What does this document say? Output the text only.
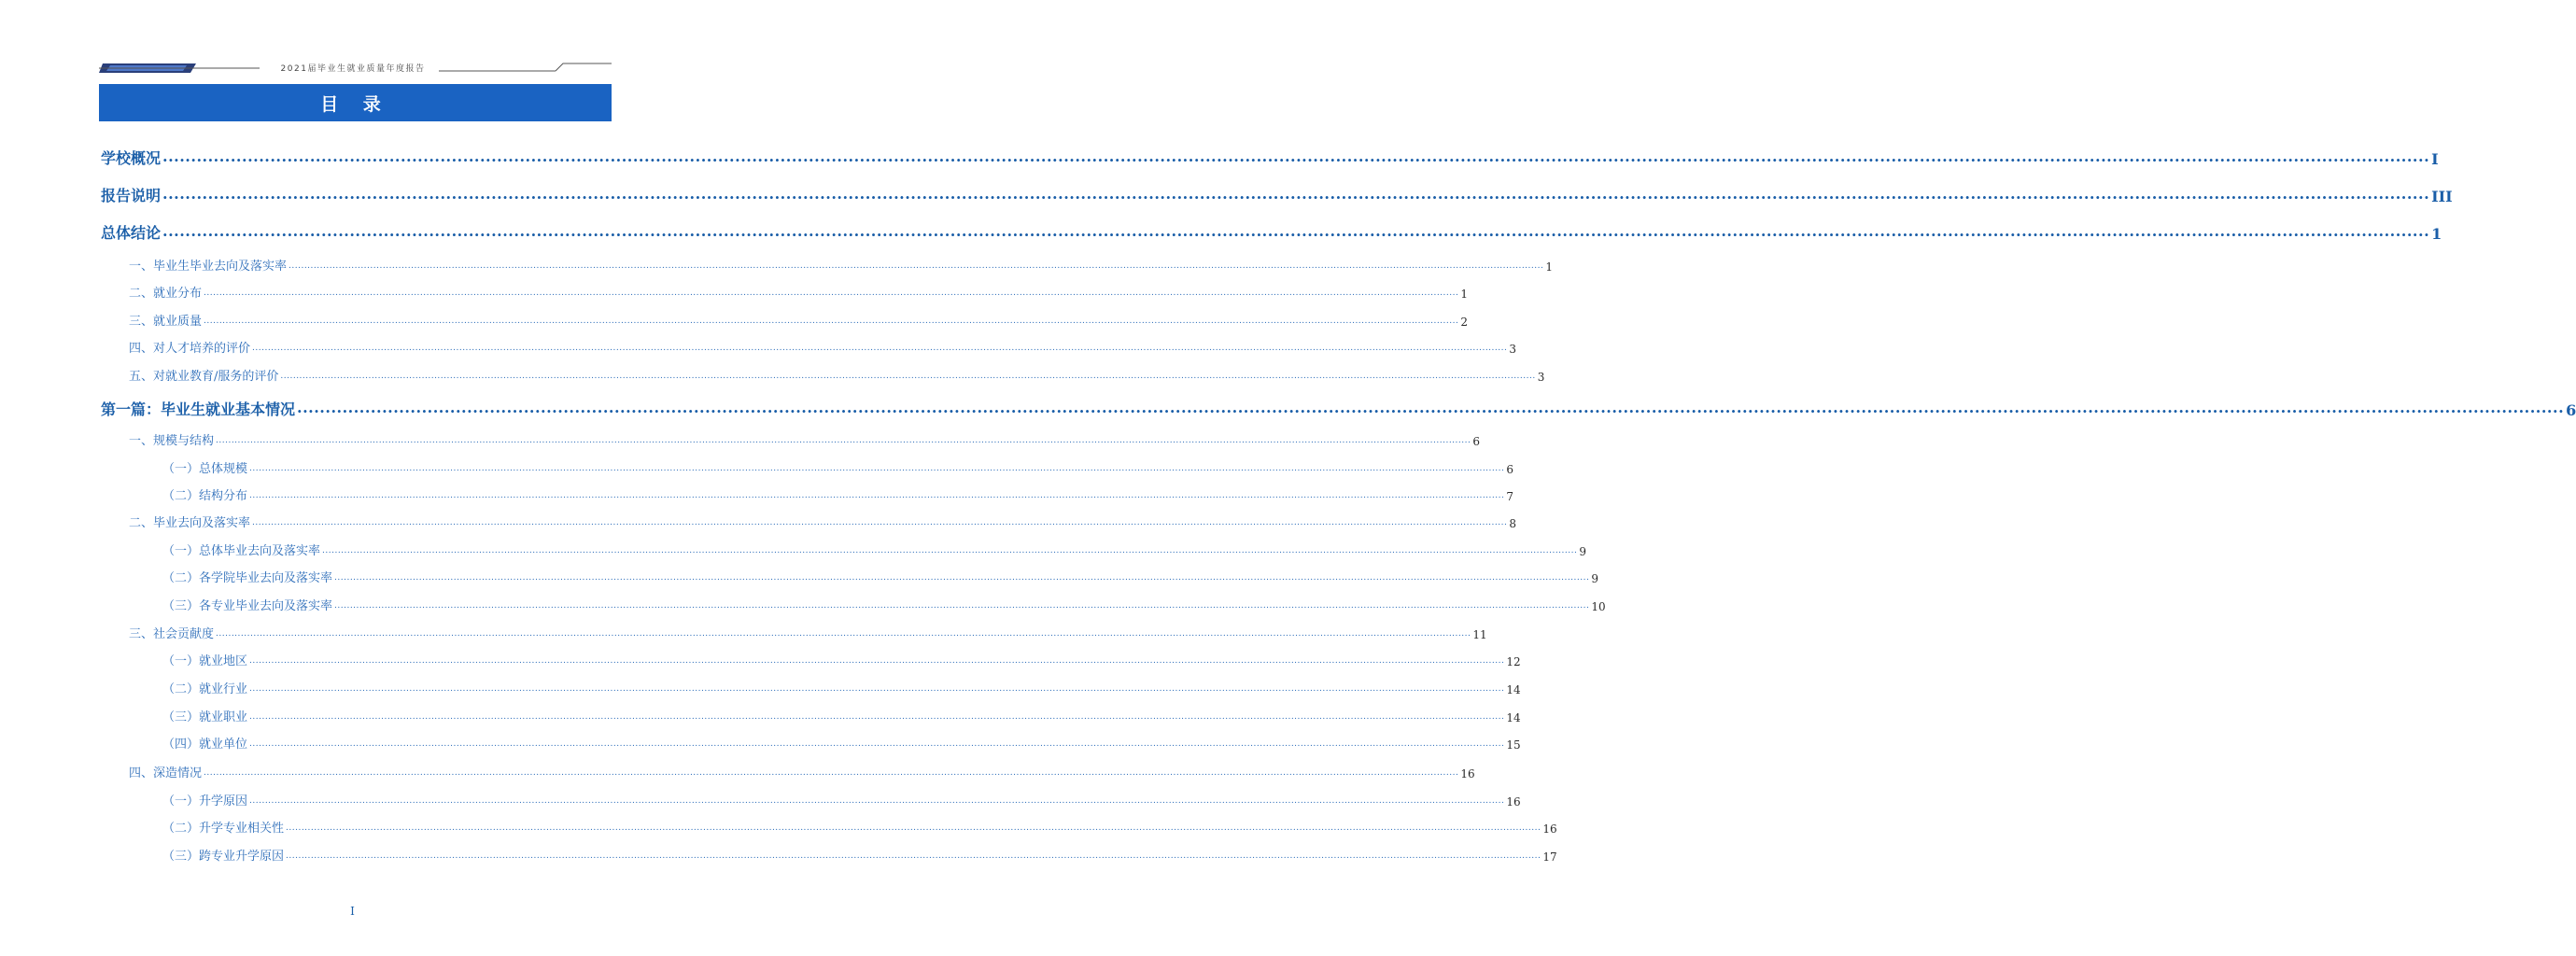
2021届毕业生就业质量年度报告
目 录
学校概况 ................................................................................................................................................................................................................................................................................................................................................................................................................ I
报告说明 ................................................................................................................................................................................................................................................................................................................................................................................................................ III
总体结论 ................................................................................................................................................................................................................................................................................................................................................................................................................ 1
一、毕业生毕业去向及落实率 ................................................................................................................................................................................................................................................................................................................................................................................................................ 1
二、就业分布 ................................................................................................................................................................................................................................................................................................................................................................................................................ 1
三、就业质量 ................................................................................................................................................................................................................................................................................................................................................................................................................ 2
四、对人才培养的评价 ................................................................................................................................................................................................................................................................................................................................................................................................................ 3
五、对就业教育/服务的评价 ................................................................................................................................................................................................................................................................................................................................................................................................................ 3
第一篇：毕业生就业基本情况 ................................................................................................................................................................................................................................................................................................................................................................................................................ 6
一、规模与结构 ................................................................................................................................................................................................................................................................................................................................................................................................................ 6
（一）总体规模 ................................................................................................................................................................................................................................................................................................................................................................................................................ 6
（二）结构分布 ................................................................................................................................................................................................................................................................................................................................................................................................................ 7
二、毕业去向及落实率 ................................................................................................................................................................................................................................................................................................................................................................................................................ 8
（一）总体毕业去向及落实率 ................................................................................................................................................................................................................................................................................................................................................................................................................ 9
（二）各学院毕业去向及落实率 ................................................................................................................................................................................................................................................................................................................................................................................................................ 9
（三）各专业毕业去向及落实率 ................................................................................................................................................................................................................................................................................................................................................................................................................ 10
三、社会贡献度 ................................................................................................................................................................................................................................................................................................................................................................................................................ 11
（一）就业地区 ................................................................................................................................................................................................................................................................................................................................................................................................................ 12
（二）就业行业 ................................................................................................................................................................................................................................................................................................................................................................................................................ 14
（三）就业职业 ................................................................................................................................................................................................................................................................................................................................................................................................................ 14
（四）就业单位 ................................................................................................................................................................................................................................................................................................................................................................................................................ 15
四、深造情况 ................................................................................................................................................................................................................................................................................................................................................................................................................ 16
（一）升学原因 ................................................................................................................................................................................................................................................................................................................................................................................................................ 16
（二）升学专业相关性 ................................................................................................................................................................................................................................................................................................................................................................................................................ 16
（三）跨专业升学原因 ................................................................................................................................................................................................................................................................................................................................................................................................................ 17
I
